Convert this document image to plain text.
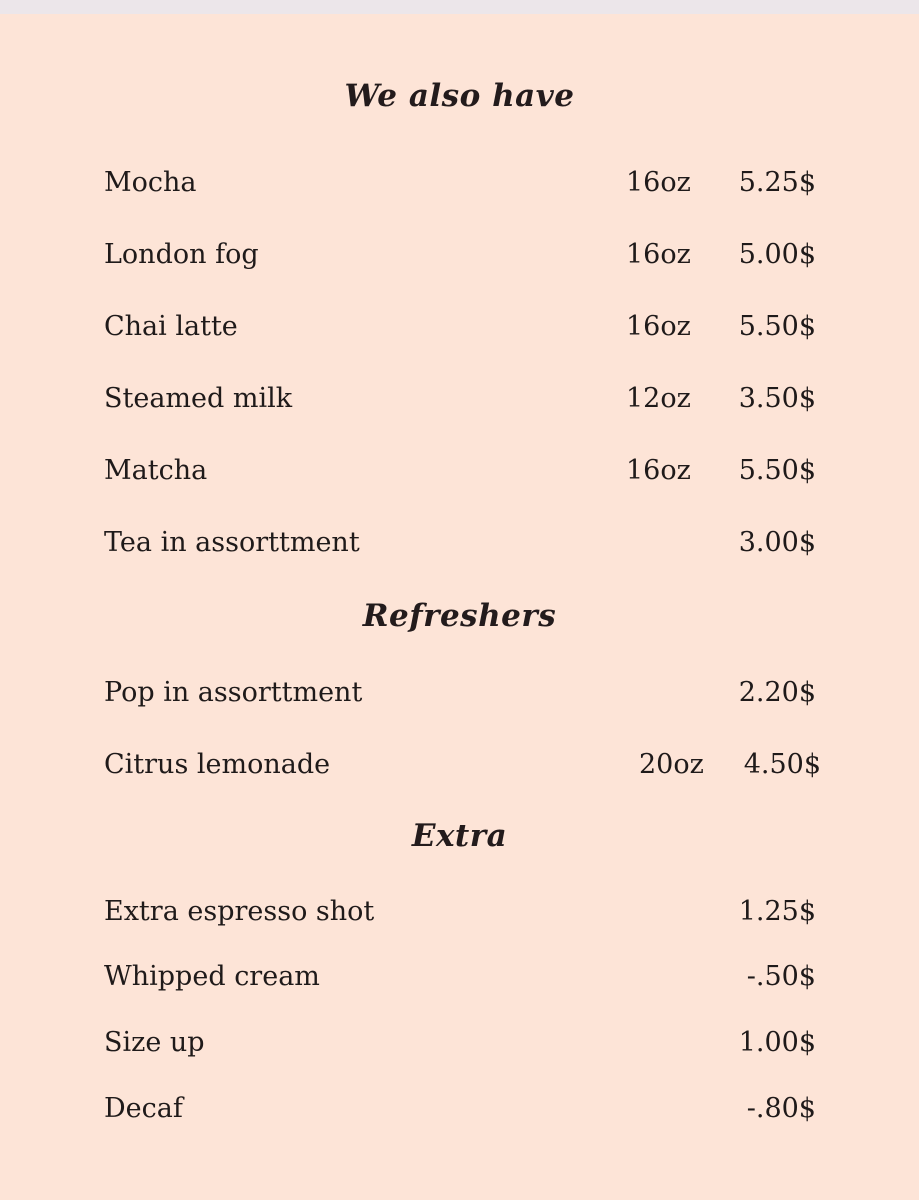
We also have
Mocha	16oz 5.25$
London fog	16oz 5.00$
Chai latte	16oz 5.50$
Steamed milk	12oz 3.50$
Matcha	16oz 5.50$
Tea in assorttment	3.00$
Refreshers
Pop in assorttment	2.20$
Citrus lemonade	20oz 4.50$
Extra
Extra espresso shot	1.25$
Whipped cream	-.50$
Size up	1.00$
Decaf	-.80$
